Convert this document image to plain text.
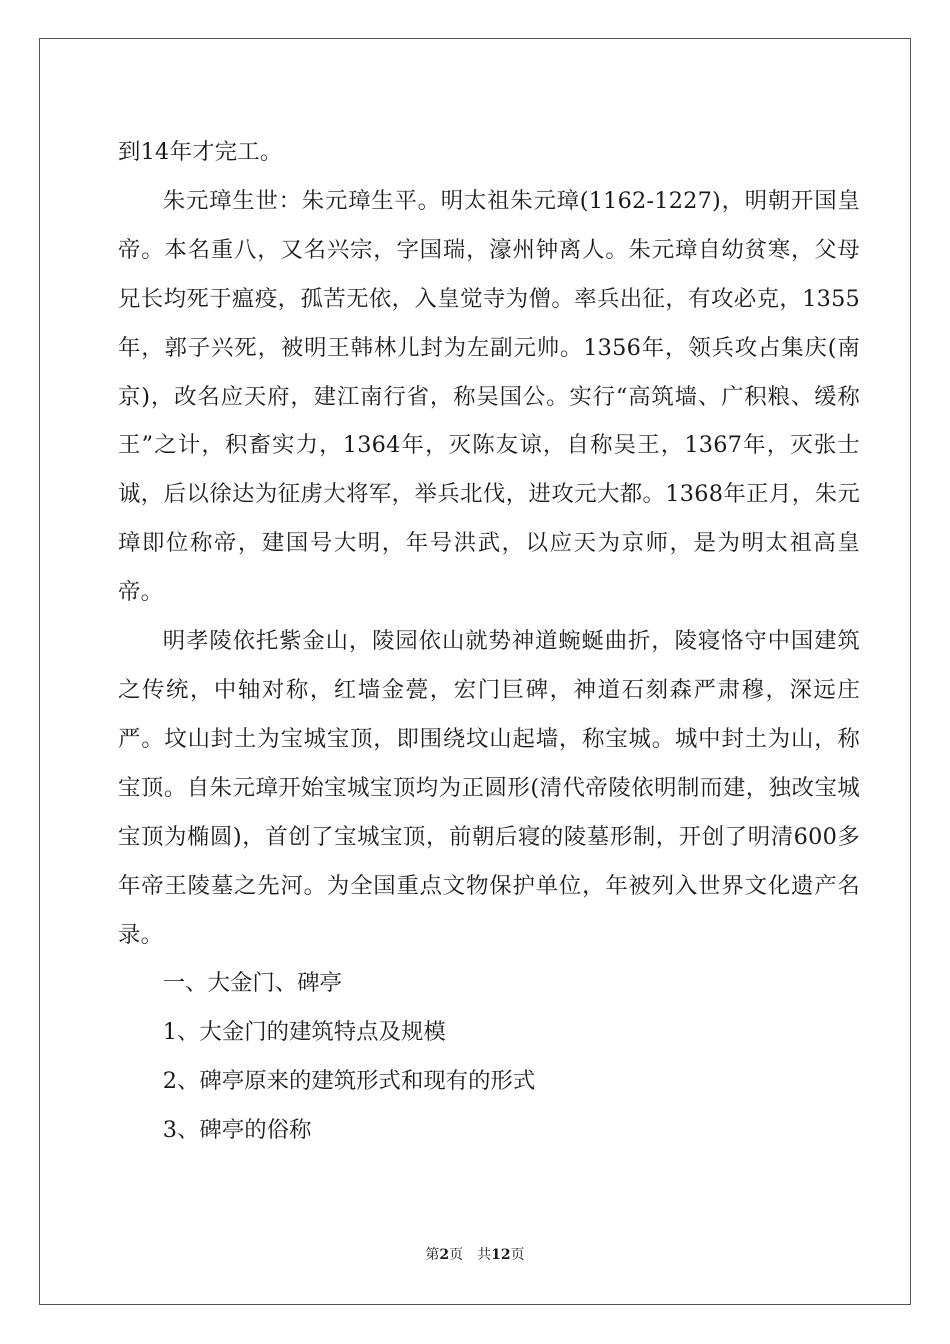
到14年才完工。

朱元璋生世：朱元璋生平。明太祖朱元璋(1162-1227)，明朝开国皇帝。本名重八，又名兴宗，字国瑞，濠州钟离人。朱元璋自幼贫寒，父母兄长均死于瘟疫，孤苦无依，入皇觉寺为僧。率兵出征，有攻必克，1355年，郭子兴死，被明王韩林儿封为左副元帅。1356年，领兵攻占集庆(南京)，改名应天府，建江南行省，称吴国公。实行“高筑墙、广积粮、缓称王”之计，积畜实力，1364年，灭陈友谅，自称吴王，1367年，灭张士诚，后以徐达为征虏大将军，举兵北伐，进攻元大都。1368年正月，朱元璋即位称帝，建国号大明，年号洪武，以应天为京师，是为明太祖高皇帝。

明孝陵依托紫金山，陵园依山就势神道蜿蜒曲折，陵寝恪守中国建筑之传统，中轴对称，红墙金甍，宏门巨碑，神道石刻森严肃穆，深远庄严。坟山封土为宝城宝顶，即围绕坟山起墙，称宝城。城中封土为山，称宝顶。自朱元璋开始宝城宝顶均为正圆形(清代帝陵依明制而建，独改宝城宝顶为椭圆)，首创了宝城宝顶，前朝后寝的陵墓形制，开创了明清600多年帝王陵墓之先河。为全国重点文物保护单位，年被列入世界文化遗产名录。

一、大金门、碑亭

1、大金门的建筑特点及规模

2、碑亭原来的建筑形式和现有的形式

3、碑亭的俗称

第2页 共12页
